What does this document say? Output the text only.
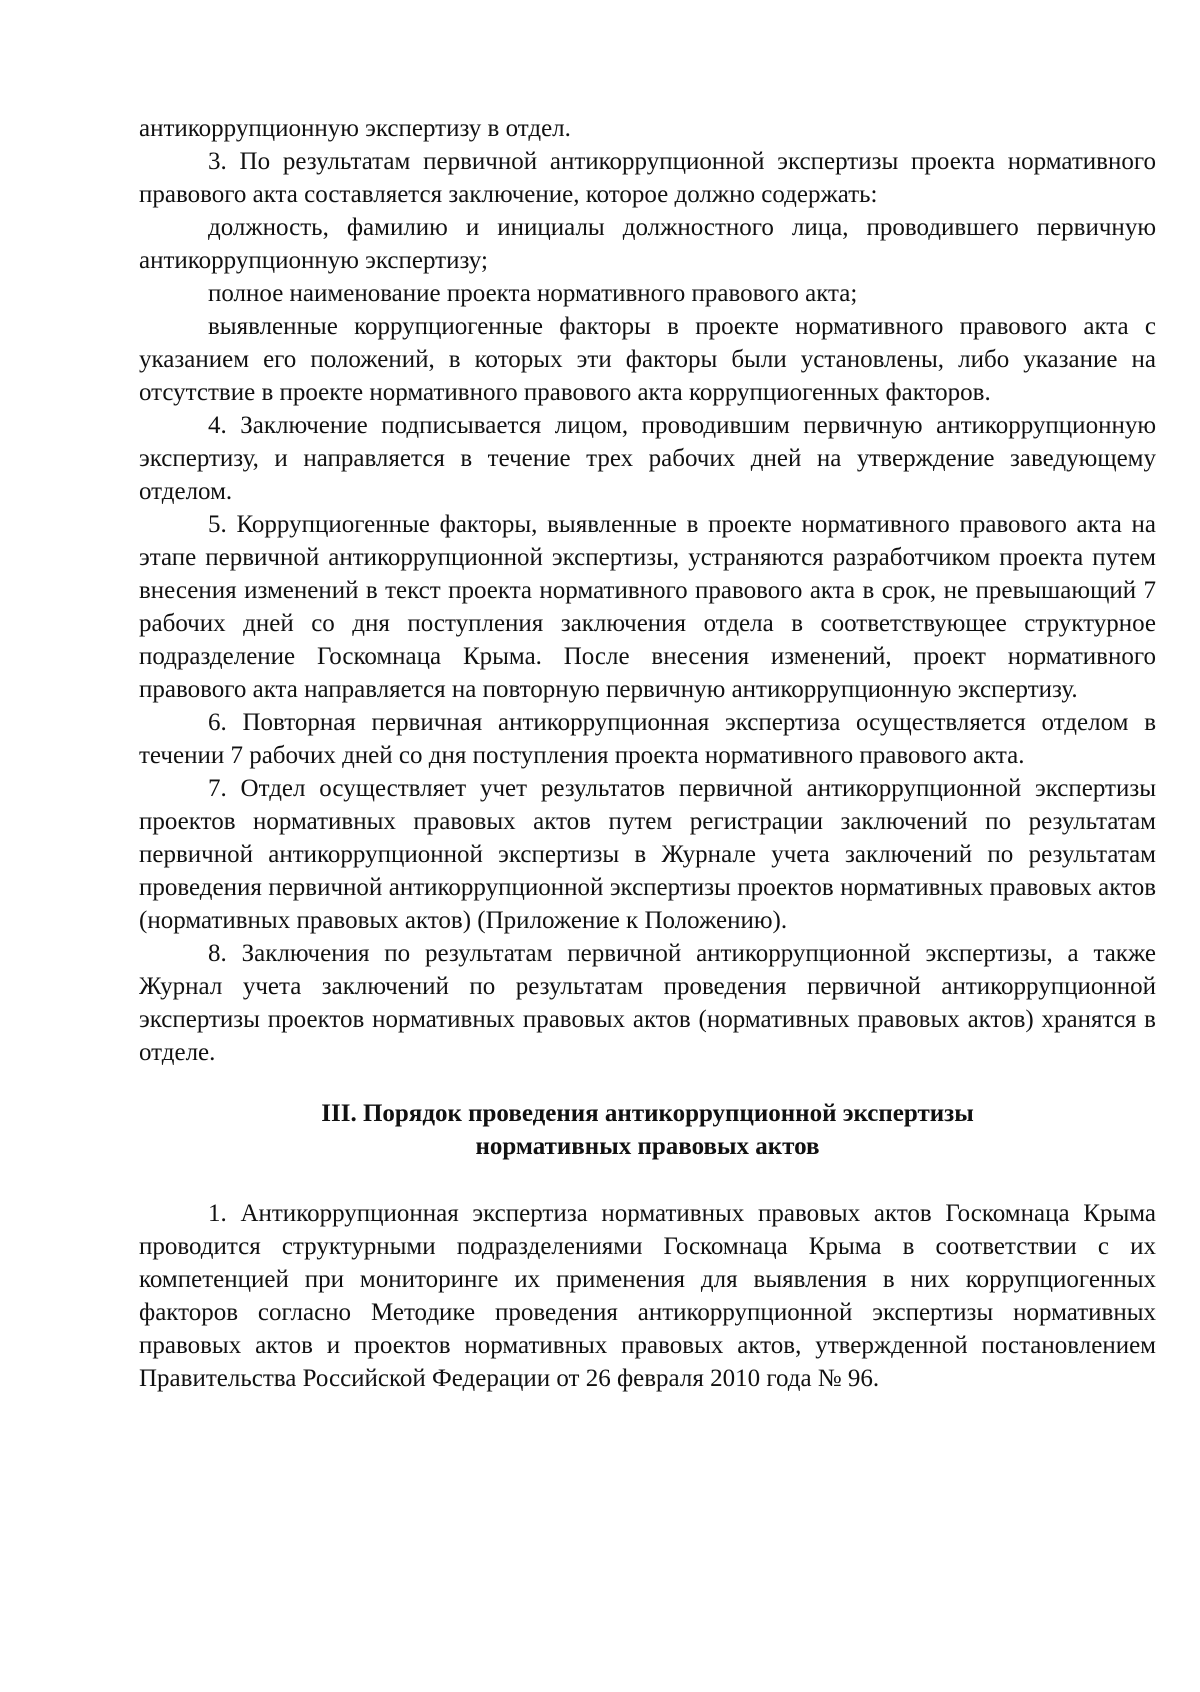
антикоррупционную экспертизу в отдел.

3. По результатам первичной антикоррупционной экспертизы проекта нормативного правового акта составляется заключение, которое должно содержать:

должность, фамилию и инициалы должностного лица, проводившего первичную антикоррупционную экспертизу;

полное наименование проекта нормативного правового акта;

выявленные коррупциогенные факторы в проекте нормативного правового акта с указанием его положений, в которых эти факторы были установлены, либо указание на отсутствие в проекте нормативного правового акта коррупциогенных факторов.

4. Заключение подписывается лицом, проводившим первичную антикоррупционную экспертизу, и направляется в течение трех рабочих дней на утверждение заведующему отделом.

5. Коррупциогенные факторы, выявленные в проекте нормативного правового акта на этапе первичной антикоррупционной экспертизы, устраняются разработчиком проекта путем внесения изменений в текст проекта нормативного правового акта в срок, не превышающий 7 рабочих дней со дня поступления заключения отдела в соответствующее структурное подразделение Госкомнаца Крыма. После внесения изменений, проект нормативного правового акта направляется на повторную первичную антикоррупционную экспертизу.

6. Повторная первичная антикоррупционная экспертиза осуществляется отделом в течении 7 рабочих дней со дня поступления проекта нормативного правового акта.

7. Отдел осуществляет учет результатов первичной антикоррупционной экспертизы проектов нормативных правовых актов путем регистрации заключений по результатам первичной антикоррупционной экспертизы в Журнале учета заключений по результатам проведения первичной антикоррупционной экспертизы проектов нормативных правовых актов (нормативных правовых актов) (Приложение к Положению).

8. Заключения по результатам первичной антикоррупционной экспертизы, а также Журнал учета заключений по результатам проведения первичной антикоррупционной экспертизы проектов нормативных правовых актов (нормативных правовых актов) хранятся в отделе.

III. Порядок проведения антикоррупционной экспертизы
нормативных правовых актов

1. Антикоррупционная экспертиза нормативных правовых актов Госкомнаца Крыма проводится структурными подразделениями Госкомнаца Крыма в соответствии с их компетенцией при мониторинге их применения для выявления в них коррупциогенных факторов согласно Методике проведения антикоррупционной экспертизы нормативных правовых актов и проектов нормативных правовых актов, утвержденной постановлением Правительства Российской Федерации от 26 февраля 2010 года № 96.
